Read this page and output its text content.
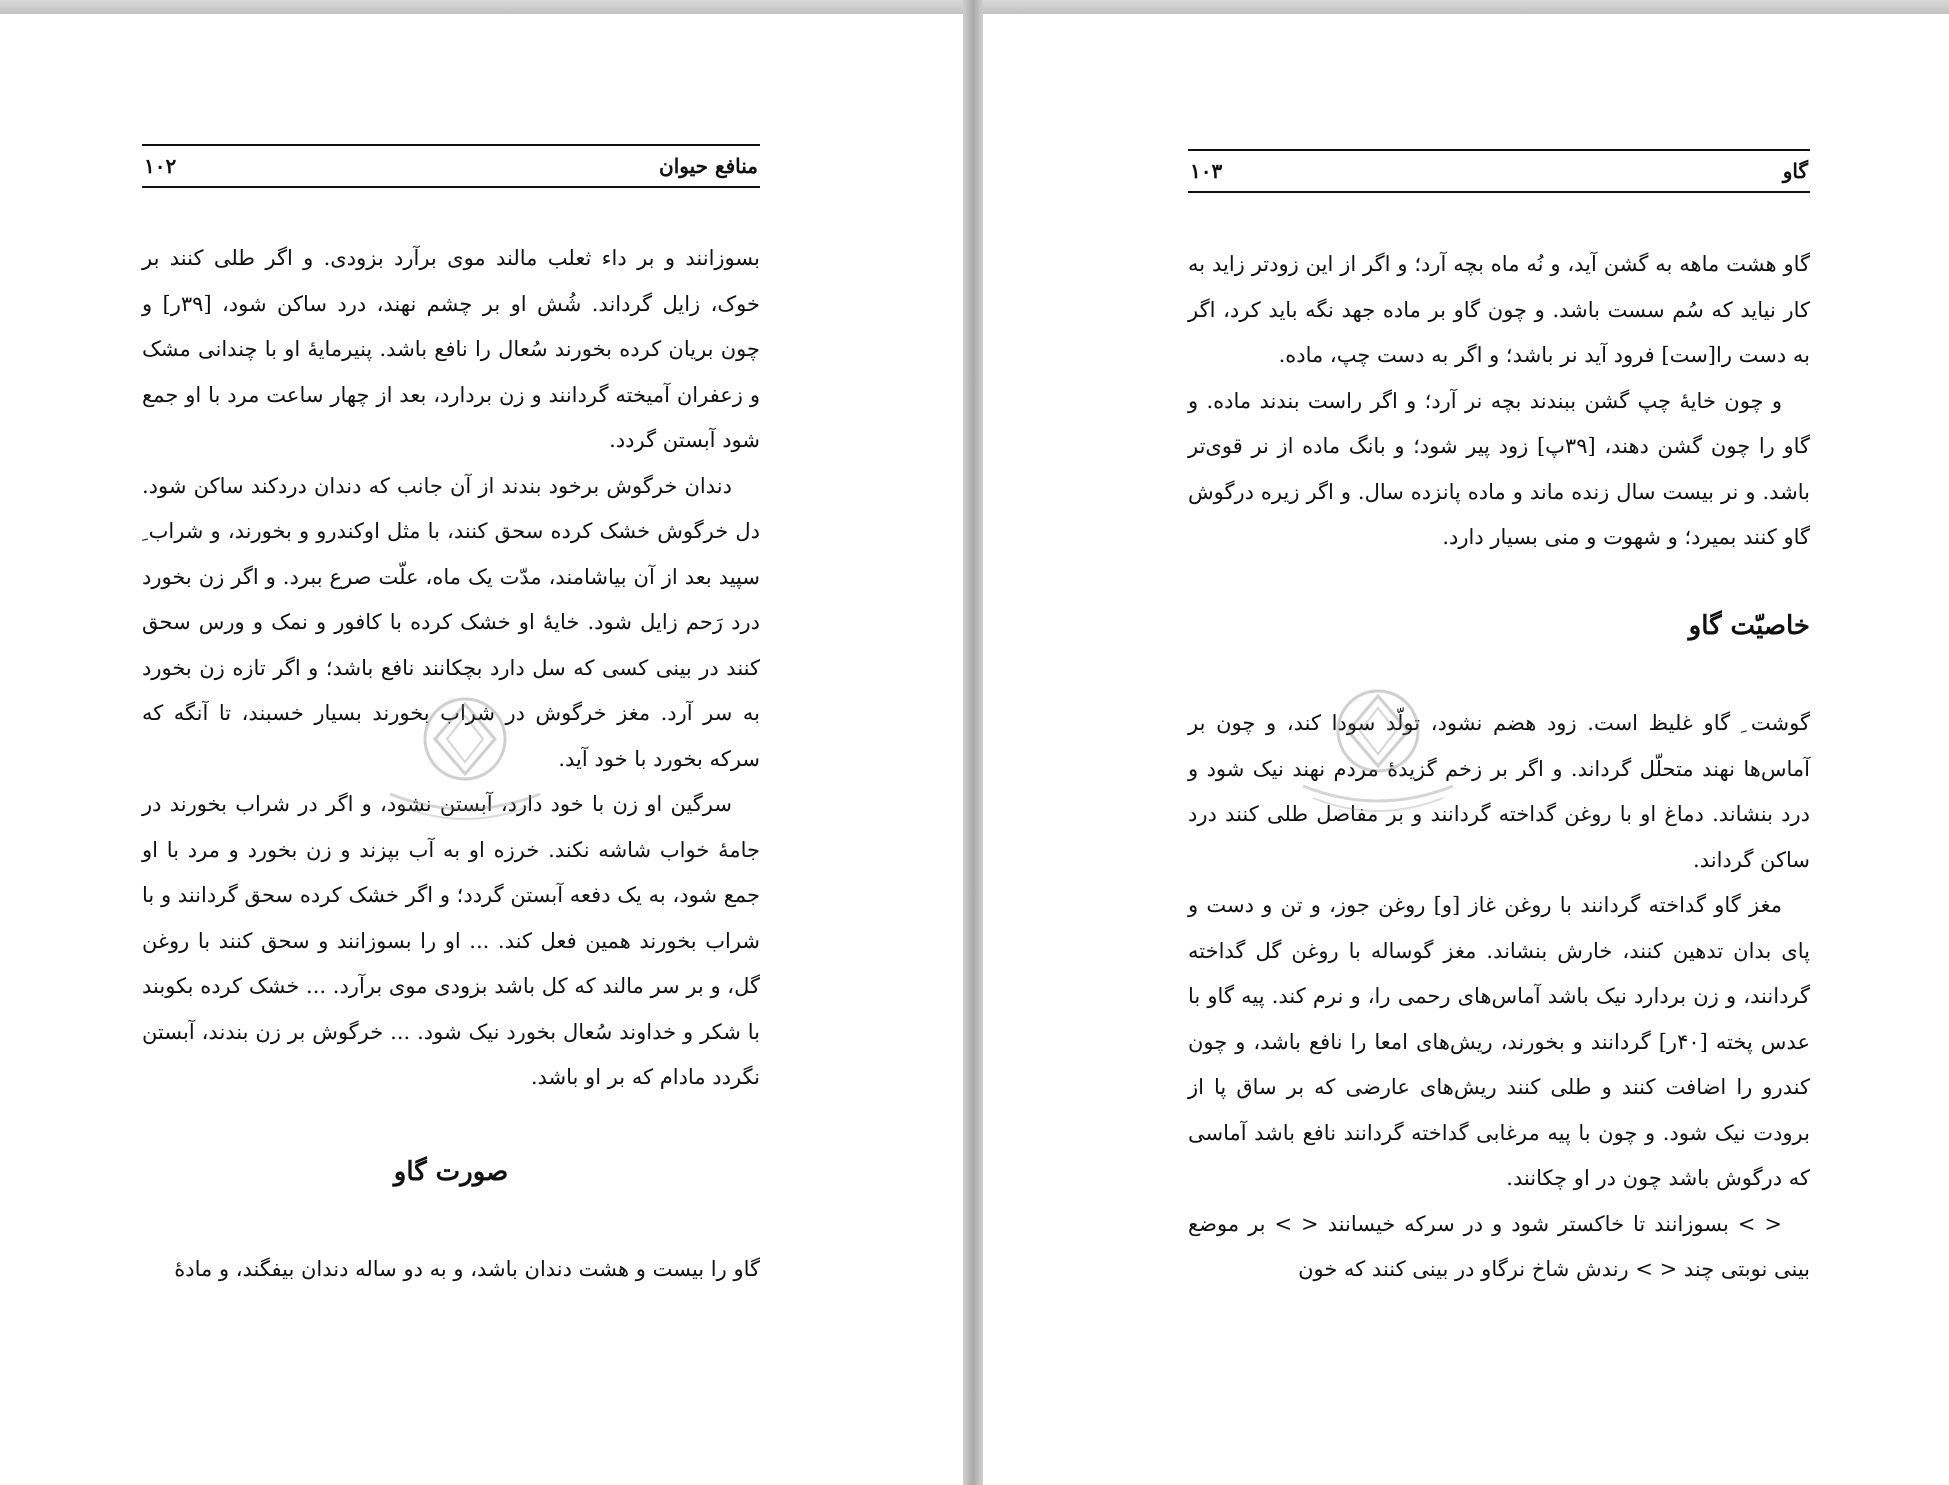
منافع حیوان
۱۰۲

بسوزانند و بر داء ثعلب مالند موی برآرد بزودی. و اگر طلی کنند بر خوک، زایل گرداند. شُش او بر چشم نهند، درد ساکن شود، [۳۹ر] و چون بریان کرده بخورند سُعال را نافع باشد. پنیرمایهٔ او با چندانی مشک و زعفران آمیخته گردانند و زن بردارد، بعد از چهار ساعت مرد با او جمع شود آبستن گردد.

دندان خرگوش برخود بندند از آن جانب که دندان دردکند ساکن شود. دل خرگوش خشک کرده سحق کنند، با مثل اوکندرو و بخورند، و شراب ِ سپید بعد از آن بیاشامند، مدّت یک ماه، علّت صرع ببرد. و اگر زن بخورد درد رَحم زایل شود. خایهٔ او خشک کرده با کافور و نمک و ورس سحق کنند در بینی کسی که سل دارد بچکانند نافع باشد؛ و اگر تازه زن بخورد به سر آرد. مغز خرگوش در شراب بخورند بسیار خسبند، تا آنگه که سرکه بخورد با خود آید.

سرگین او زن با خود دارد، آبستن نشود، و اگر در شراب بخورند در جامهٔ خواب شاشه نکند. خرزه او به آب بپزند و زن بخورد و مرد با او جمع شود، به یک دفعه آبستن گردد؛ و اگر خشک کرده سحق گردانند و با شراب بخورند همین فعل کند. ... او را بسوزانند و سحق کنند با روغن گل، و بر سر مالند که کل باشد بزودی موی برآرد. ... خشک کرده بکوبند با شکر و خداوند سُعال بخورد نیک شود. ... خرگوش بر زن بندند، آبستن نگردد مادام که بر او باشد.

صورت گاو

گاو را بیست و هشت دندان باشد، و به دو ساله دندان بیفگند، و مادهٔ

گاو
۱۰۳

گاو هشت ماهه به گشن آید، و نُه ماه بچه آرد؛ و اگر از این زودتر زاید به کار نیاید که سُم سست باشد. و چون گاو بر ماده جهد نگه باید کرد، اگر به دست را[ست] فرود آید نر باشد؛ و اگر به دست چپ، ماده.

و چون خایهٔ چپ گشن ببندند بچه نر آرد؛ و اگر راست بندند ماده. و گاو را چون گشن دهند، [۳۹پ] زود پیر شود؛ و بانگ ماده از نر قوی‌تر باشد. و نر بیست سال زنده ماند و ماده پانزده سال. و اگر زیره درگوش گاو کنند بمیرد؛ و شهوت و منی بسیار دارد.

خاصیّت گاو

گوشت ِ گاو غلیظ است. زود هضم نشود، تولّد سودا کند، و چون بر آماس‌ها نهند متحلّل گرداند. و اگر بر زخم گزیدهٔ مردم نهند نیک شود و درد بنشاند. دماغ او با روغن گداخته گردانند و بر مفاصل طلی کنند درد ساکن گرداند.

مغز گاو گداخته گردانند با روغن غاز [و] روغن جوز، و تن و دست و پای بدان تدهین کنند، خارش بنشاند. مغز گوساله با روغن گل گداخته گردانند، و زن بردارد نیک باشد آماس‌های رحمی را، و نرم کند. پیه گاو با عدس پخته [۴۰ر] گردانند و بخورند، ریش‌های امعا را نافع باشد، و چون کندرو را اضافت کنند و طلی کنند ریش‌های عارضی که بر ساق پا از برودت نیک شود. و چون با پیه مرغابی گداخته گردانند نافع باشد آماسی که درگوش باشد چون در او چکانند.

< > بسوزانند تا خاکستر شود و در سرکه خیسانند < > بر موضع بینی نوبتی چند < > رندش شاخ نرگاو در بینی کنند که خون
